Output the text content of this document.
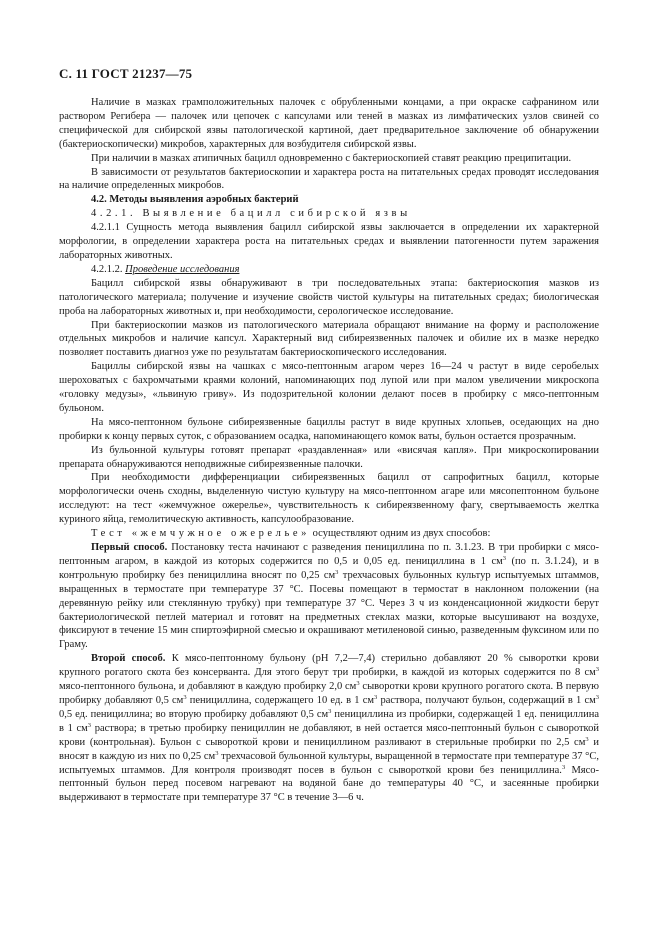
С. 11 ГОСТ 21237—75

Наличие в мазках грамположительных палочек с обрубленными концами, а при окраске сафранином или раствором Регибера — палочек или цепочек с капсулами или теней в мазках из лимфатических узлов свиней со специфической для сибирской язвы патологической картиной, дает предварительное заключение об обнаружении (бактериоскопически) микробов, характерных для возбудителя сибирской язвы.

При наличии в мазках атипичных бацилл одновременно с бактериоскопией ставят реакцию преципитации.

В зависимости от результатов бактериоскопии и характера роста на питательных средах проводят исследования на наличие определенных микробов.

4.2. Методы выявления аэробных бактерий

4.2.1. Выявление бацилл сибирской язвы

4.2.1.1 Сущность метода выявления бацилл сибирской язвы заключается в определении их характерной морфологии, в определении характера роста на питательных средах и выявлении патогенности путем заражения лабораторных животных.

4.2.1.2. Проведение исследования

Бацилл сибирской язвы обнаруживают в три последовательных этапа: бактериоскопия мазков из патологического материала; получение и изучение свойств чистой культуры на питательных средах; биологическая проба на лабораторных животных и, при необходимости, серологическое исследование.

При бактериоскопии мазков из патологического материала обращают внимание на форму и расположение отдельных микробов и наличие капсул. Характерный вид сибиреязвенных палочек и обилие их в мазке нередко позволяет поставить диагноз уже по результатам бактериоскопического исследования.

Бациллы сибирской язвы на чашках с мясо-пептонным агаром через 16—24 ч растут в виде серобелых шероховатых с бахромчатыми краями колоний, напоминающих под лупой или при малом увеличении микроскопа «головку медузы», «львиную гриву». Из подозрительной колонии делают посев в пробирку с мясо-пептонным бульоном.

На мясо-пептонном бульоне сибиреязвенные бациллы растут в виде крупных хлопьев, оседающих на дно пробирки к концу первых суток, с образованием осадка, напоминающего комок ваты, бульон остается прозрачным.

Из бульонной культуры готовят препарат «раздавленная» или «висячая капля». При микроскопировании препарата обнаруживаются неподвижные сибиреязвенные палочки.

При необходимости дифференциации сибиреязвенных бацилл от сапрофитных бацилл, которые морфологически очень сходны, выделенную чистую культуру на мясо-пептонном агаре или мясопептонном бульоне исследуют: на тест «жемчужное ожерелье», чувствительность к сибиреязвенному фагу, свертываемость желтка куриного яйца, гемолитическую активность, капсулообразование.

Тест «жемчужное ожерелье» осуществляют одним из двух способов:

Первый способ. Постановку теста начинают с разведения пенициллина по п. 3.1.23. В три пробирки с мясо-пептонным агаром, в каждой из которых содержится по 0,5 и 0,05 ед. пенициллина в 1 $см^3$ (по п. 3.1.24), и в контрольную пробирку без пенициллина вносят по 0,25 $см^3$ трехчасовых бульонных культур испытуемых штаммов, выращенных в термостате при температуре 37 °С. Посевы помещают в термостат в наклонном положении (на деревянную рейку или стеклянную трубку) при температуре 37 °С. Через 3 ч из конденсационной жидкости берут бактериологической петлей материал и готовят на предметных стеклах мазки, которые высушивают на воздухе, фиксируют в течение 15 мин спиртоэфирной смесью и окрашивают метиленовой синью, разведенным фуксином или по Граму.

Второй способ. К мясо-пептонному бульону (рН 7,2—7,4) стерильно добавляют 20 % сыворотки крови крупного рогатого скота без консерванта. Для этого берут три пробирки, в каждой из которых содержится по 8 $см^3$ мясо-пептонного бульона, и добавляют в каждую пробирку 2,0 $см^3$ сыворотки крови крупного рогатого скота. В первую пробирку добавляют 0,5 $см^3$ пенициллина, содержащего 10 ед. в 1 $см^3$ раствора, получают бульон, содержащий в 1 $см^3$ 0,5 ед. пенициллина; во вторую пробирку добавляют 0,5 $см^3$ пенициллина из пробирки, содержащей 1 ед. пенициллина в 1 $см^3$ раствора; в третью пробирку пенициллин не добавляют, в ней остается мясо-пептонный бульон с сывороткой крови (контрольная). Бульон с сывороткой крови и пенициллином разливают в стерильные пробирки по 2,5 $см^3$ и вносят в каждую из них по 0,25 $см^3$ трехчасовой бульонной культуры, выращенной в термостате при температуре 37 °С, испытуемых штаммов. Для контроля производят посев в бульон с сывороткой крови без пенициллина.$^3$ Мясо-пептонный бульон перед посевом нагревают на водяной бане до температуры 40 °С, и засеянные пробирки выдерживают в термостате при температуре 37 °С в течение 3—6 ч.
